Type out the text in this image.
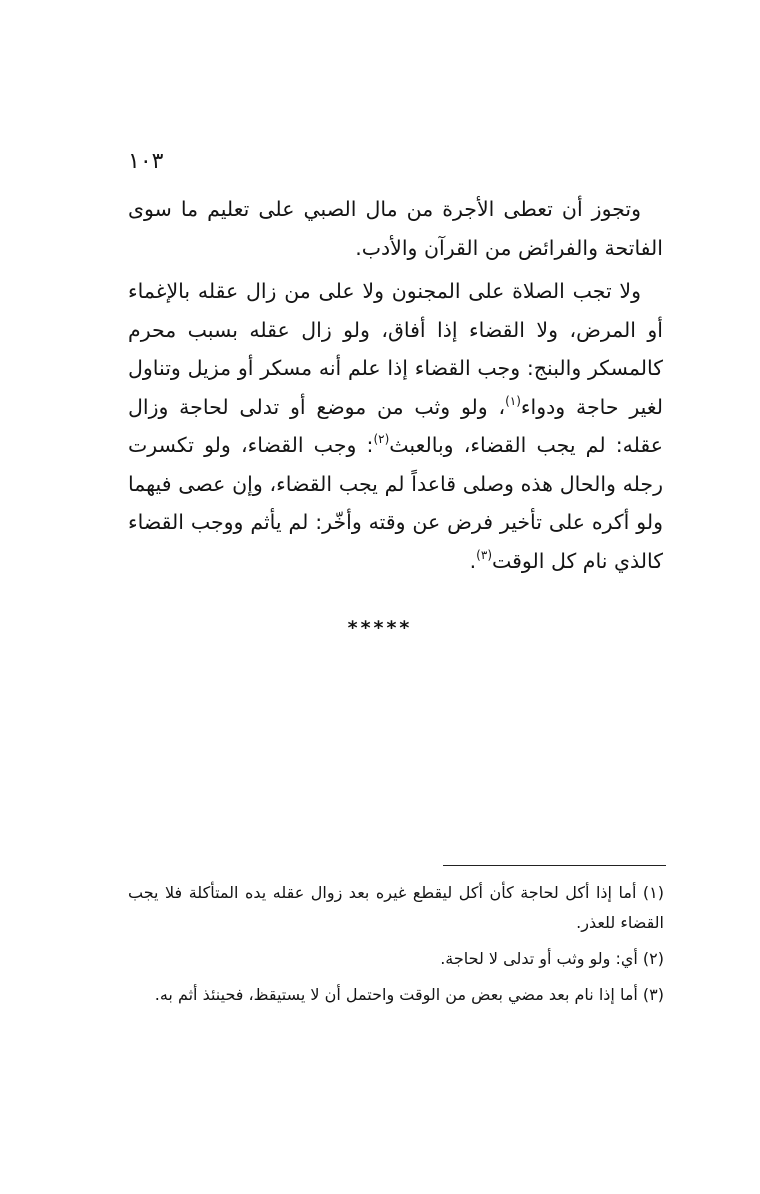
١٠٣

وتجوز أن تعطى الأجرة من مال الصبي على تعليم ما سوى الفاتحة والفرائض من القرآن والأدب.

ولا تجب الصلاة على المجنون ولا على من زال عقله بالإغماء أو المرض، ولا القضاء إذا أفاق، ولو زال عقله بسبب محرم كالمسكر والبنج: وجب القضاء إذا علم أنه مسكر أو مزيل وتناول لغير حاجة ودواء$^{(١)}$، ولو وثب من موضع أو تدلى لحاجة وزال عقله: لم يجب القضاء، وبالعبث$^{(٢)}$: وجب القضاء، ولو تكسرت رجله والحال هذه وصلى قاعداً لم يجب القضاء، وإن عصى فيهما ولو أكره على تأخير فرض عن وقته وأخّر: لم يأثم ووجب القضاء كالذي نام كل الوقت$^{(٣)}$.

*****

(١) أما إذا أكل لحاجة كأن أكل ليقطع غيره بعد زوال عقله يده المتأكلة فلا يجب القضاء للعذر.

(٢) أي: ولو وثب أو تدلى لا لحاجة.

(٣) أما إذا نام بعد مضي بعض من الوقت واحتمل أن لا يستيقظ، فحينئذ أثم به.
